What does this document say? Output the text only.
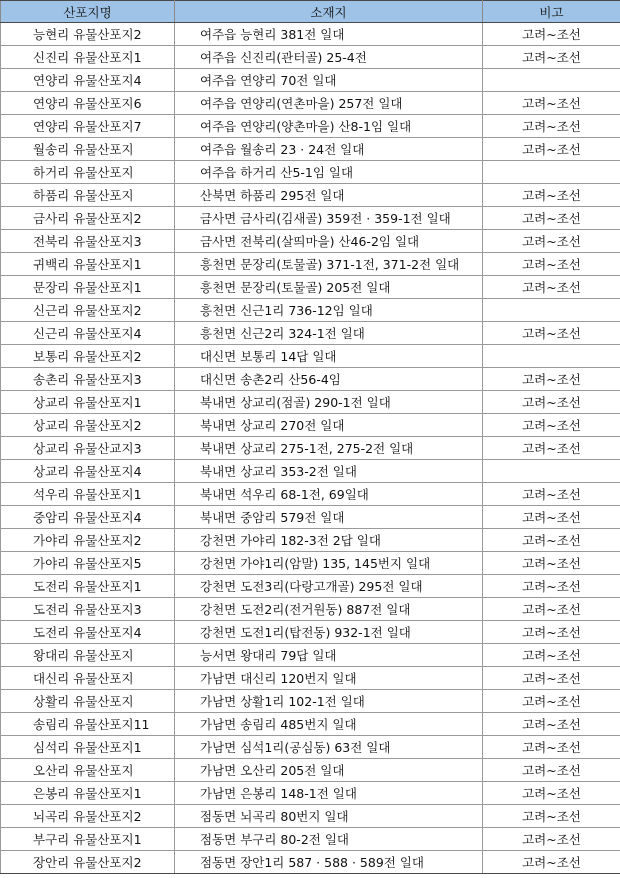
산포지명	소재지	비고
능현리 유물산포지2	여주읍 능현리 381전 일대	고려~조선
신진리 유물산포지1	여주읍 신진리(관터골) 25-4전	고려~조선
연양리 유물산포지4	여주읍 연양리 70전 일대	
연양리 유물산포지6	여주읍 연양리(연촌마을) 257전 일대	고려~조선
연양리 유물산포지7	여주읍 연양리(양촌마을) 산8-1임 일대	고려~조선
월송리 유물산포지	여주읍 월송리 23 · 24전 일대	고려~조선
하거리 유물산포지	여주읍 하거리 산5-1임 일대	
하품리 유물산포지	산북면 하품리 295전 일대	고려~조선
금사리 유물산포지2	금사면 금사리(김새골) 359전 · 359-1전 일대	고려~조선
전북리 유물산포지3	금사면 전북리(살띄마을) 산46-2임 일대	고려~조선
귀백리 유물산포지1	흥천면 문장리(토물골) 371-1전, 371-2전 일대	고려~조선
문장리 유물산포지1	흥천면 문장리(토물골) 205전 일대	고려~조선
신근리 유물산포지2	흥천면 신근1리 736-12임 일대	
신근리 유물산포지4	흥천면 신근2리 324-1전 일대	고려~조선
보통리 유물산포지2	대신면 보통리 14답 일대	
송촌리 유물산포지3	대신면 송촌2리 산56-4임	고려~조선
상교리 유물산포지1	북내면 상교리(점골) 290-1전 일대	고려~조선
상교리 유물산포지2	북내면 상교리 270전 일대	고려~조선
상교리 유물산교지3	북내면 상교리 275-1전, 275-2전 일대	고려~조선
상교리 유물산포지4	북내면 상교리 353-2전 일대	
석우리 유물산포지1	북내면 석우리 68-1전, 69일대	고려~조선
중암리 유물산포지4	북내면 중암리 579전 일대	고려~조선
가야리 유물산포지2	강천면 가야리 182-3전 2답 일대	고려~조선
가야리 유물산포지5	강천면 가야1리(암말) 135, 145번지 일대	고려~조선
도전리 유물산포지1	강천면 도전3리(다랑고개골) 295전 일대	고려~조선
도전리 유물산포지3	강천면 도전2리(전거원동) 887전 일대	고려~조선
도전리 유물산포지4	강천면 도전1리(탑전동) 932-1전 일대	고려~조선
왕대리 유물산포지	능서면 왕대리 79답 일대	고려~조선
대신리 유물산포지	가남면 대신리 120번지 일대	고려~조선
상활리 유물산포지	가남면 상활1리 102-1전 일대	고려~조선
송림리 유물산포지11	가남면 송림리 485번지 일대	고려~조선
심석리 유물산포지1	가남면 심석1리(공심동) 63전 일대	고려~조선
오산리 유물산포지	가남면 오산리 205전 일대	고려~조선
은봉리 유물산포지1	가남면 은봉리 148-1전 일대	고려~조선
뇌곡리 유물산포지2	점동면 뇌곡리 80번지 일대	고려~조선
부구리 유물산포지1	점동면 부구리 80-2전 일대	고려~조선
장안리 유물산포지2	점동면 장안1리 587 · 588 · 589전 일대	고려~조선
